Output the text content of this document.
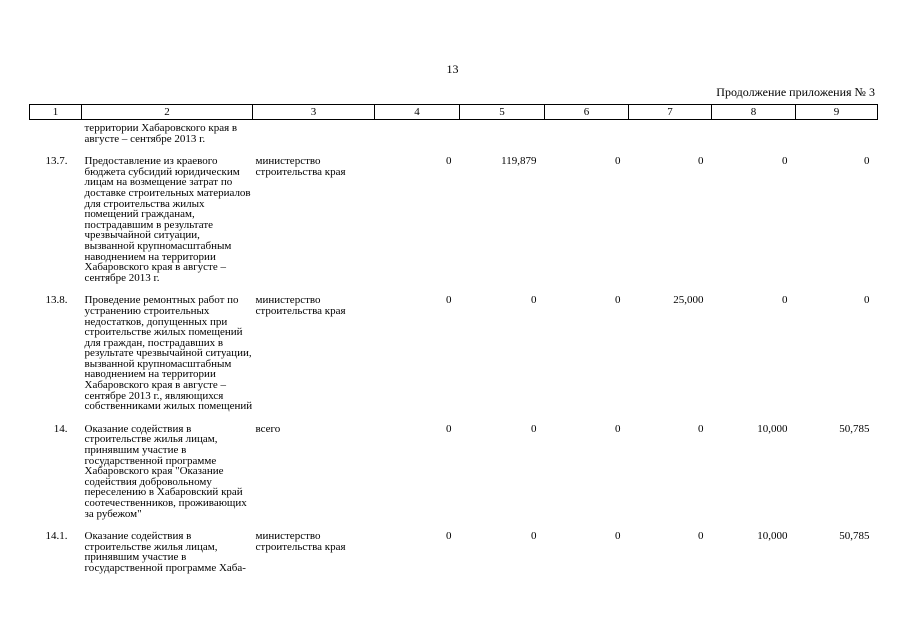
13
Продолжение приложения № 3
1	2	3	4	5	6	7	8	9
	территории Хабаровского края в августе – сентябре 2013 г.							
13.7.	Предоставление из краевого бюджета субсидий юридическим лицам на возмещение затрат по доставке строительных материалов для строительства жилых помещений гражданам, пострадавшим в результате чрезвычайной ситуации, вызванной крупномасштабным наводнением на территории Хабаровского края в августе – сентябре 2013 г.	министерство строительства края	0	119,879	0	0	0	0
13.8.	Проведение ремонтных работ по устранению строительных недостатков, допущенных при строительстве жилых помещений для граждан, пострадавших в результате чрезвычайной ситуации, вызванной крупномасштабным наводнением на территории Хабаровского края в августе – сентябре 2013 г., являющихся собственниками жилых помещений	министерство строительства края	0	0	0	25,000	0	0
14.	Оказание содействия в строительстве жилья лицам, принявшим участие в государственной программе Хабаровского края "Оказание содействия добровольному переселению в Хабаровский край соотечественников, проживающих за рубежом"	всего	0	0	0	0	10,000	50,785
14.1.	Оказание содействия в строительстве жилья лицам, принявшим участие в государственной программе Хаба-	министерство строительства края	0	0	0	0	10,000	50,785
